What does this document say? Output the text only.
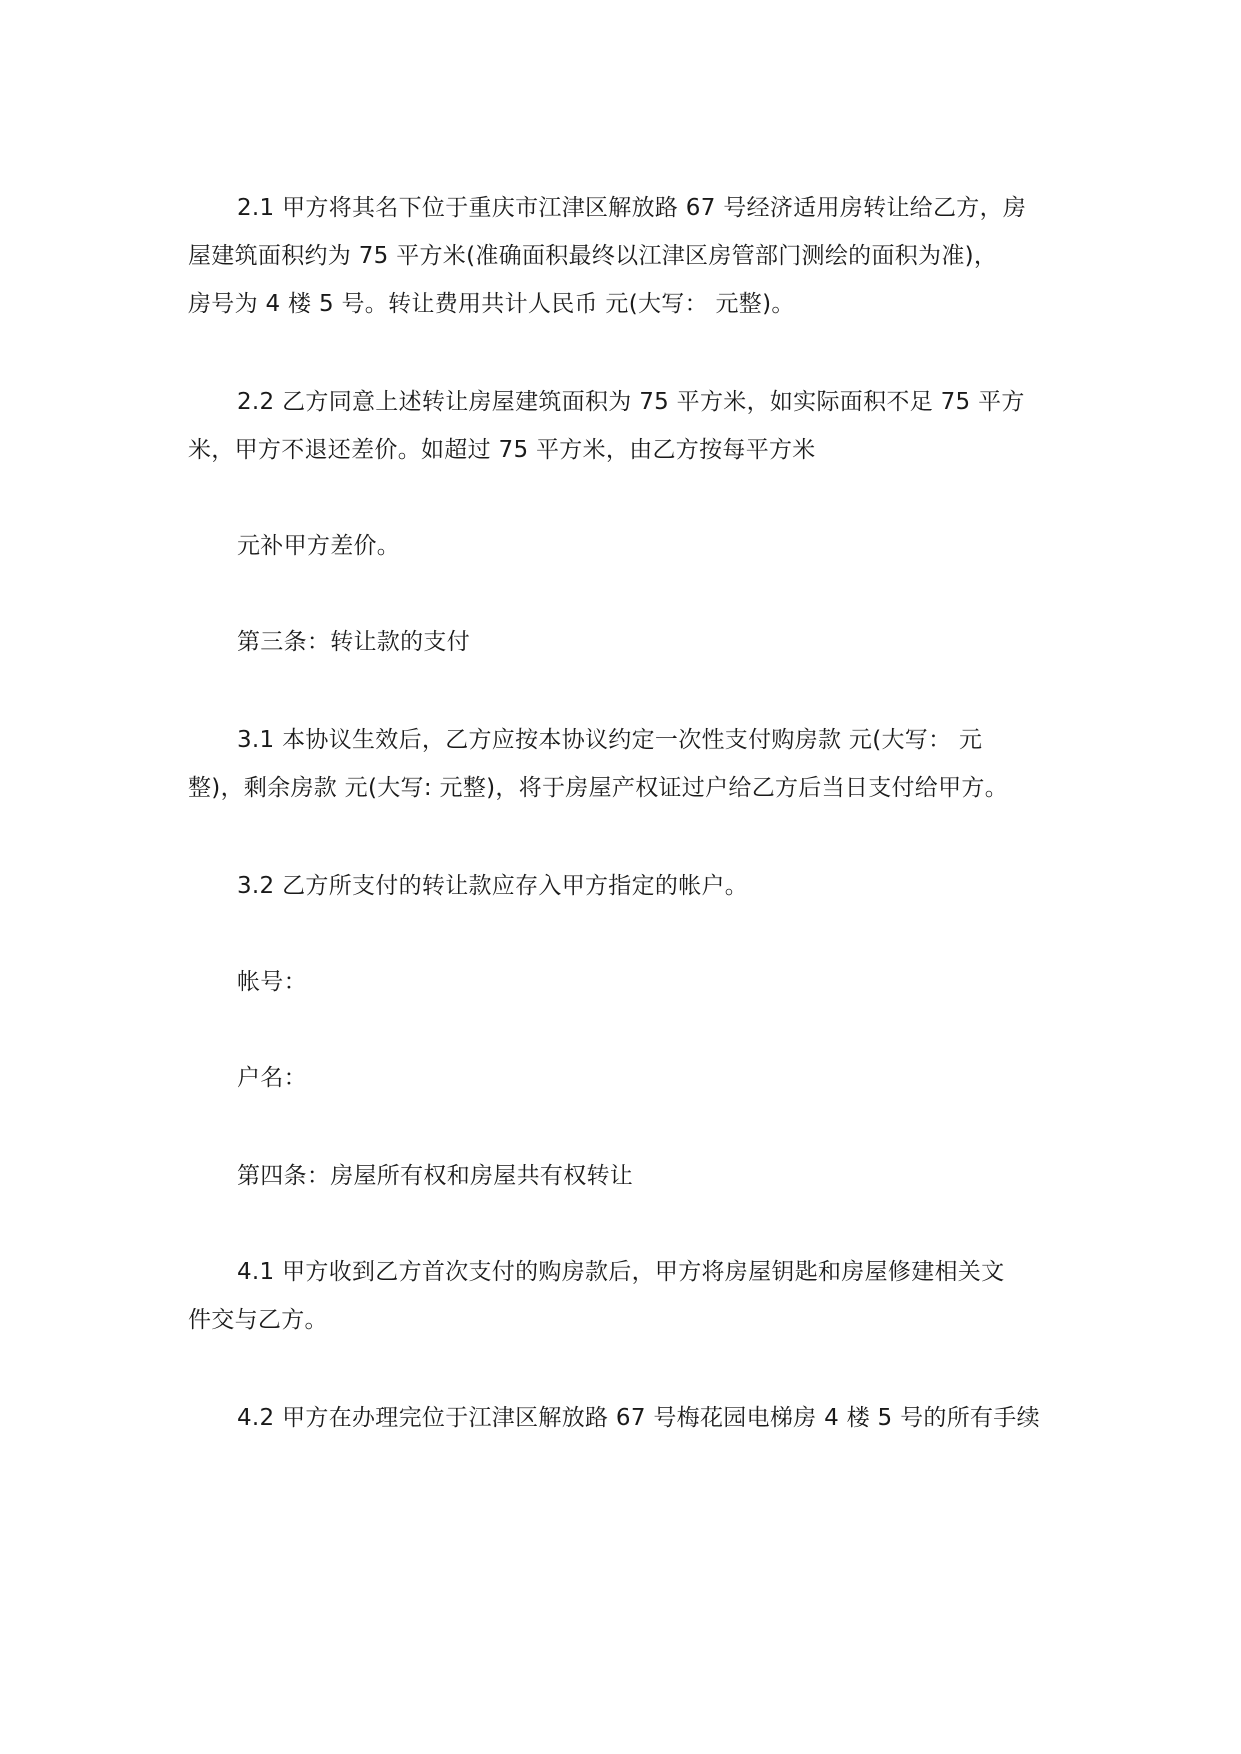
2.1 甲方将其名下位于重庆市江津区解放路 67 号经济适用房转让给乙方，房
屋建筑面积约为 75 平方米(准确面积最终以江津区房管部门测绘的面积为准)，
房号为 4 楼 5 号。转让费用共计人民币 元(大写： 元整)。
2.2 乙方同意上述转让房屋建筑面积为 75 平方米，如实际面积不足 75 平方
米，甲方不退还差价。如超过 75 平方米，由乙方按每平方米
元补甲方差价。
第三条：转让款的支付
3.1 本协议生效后，乙方应按本协议约定一次性支付购房款 元(大写： 元
整)，剩余房款 元(大写: 元整)，将于房屋产权证过户给乙方后当日支付给甲方。
3.2 乙方所支付的转让款应存入甲方指定的帐户。
帐号：
户名：
第四条：房屋所有权和房屋共有权转让
4.1 甲方收到乙方首次支付的购房款后，甲方将房屋钥匙和房屋修建相关文
件交与乙方。
4.2 甲方在办理完位于江津区解放路 67 号梅花园电梯房 4 楼 5 号的所有手续
